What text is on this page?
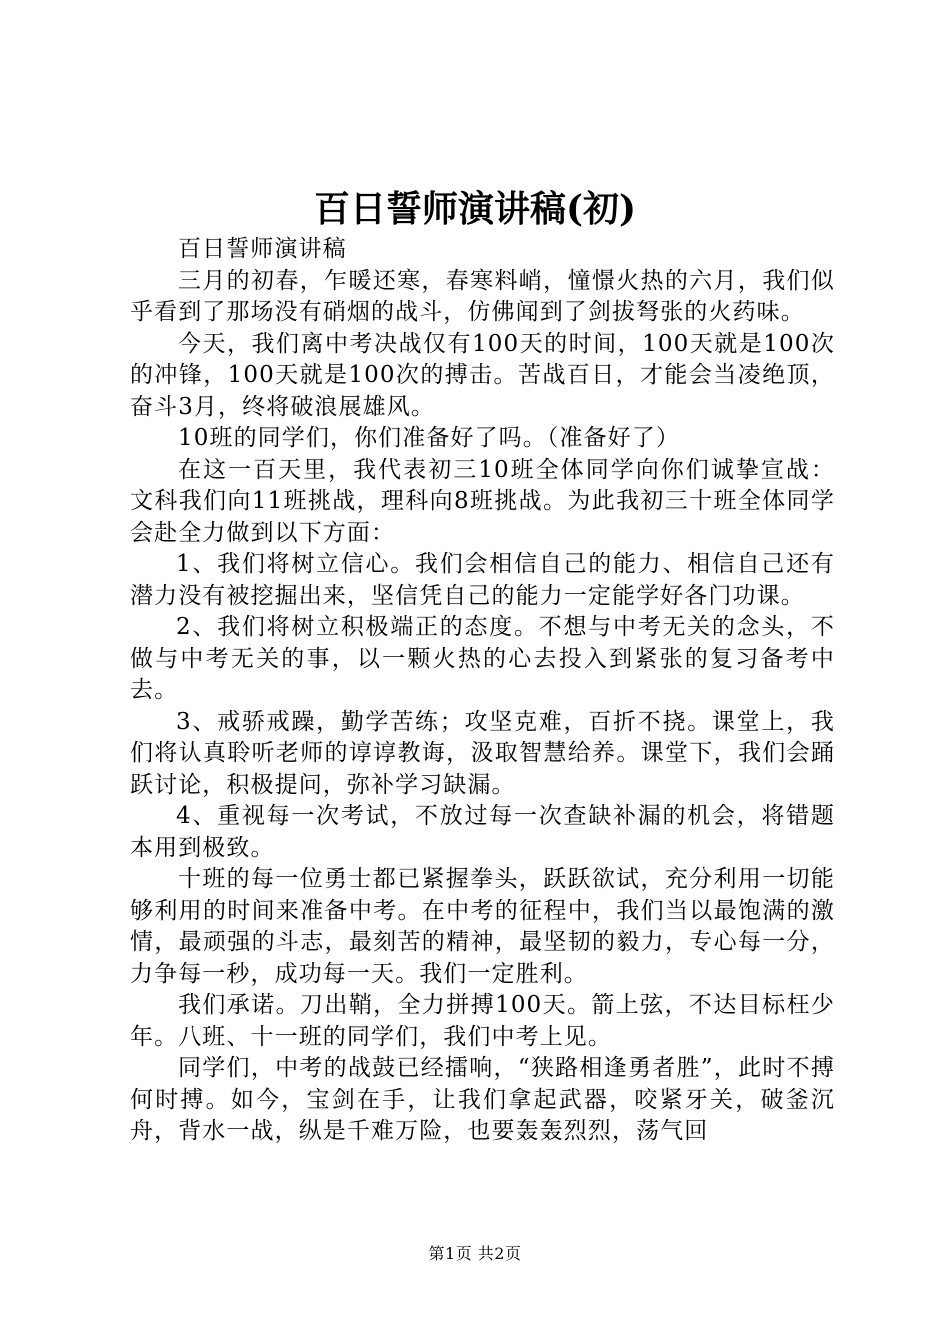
百日誓师演讲稿(初)

百日誓师演讲稿

三月的初春，乍暖还寒，春寒料峭，憧憬火热的六月，我们似乎看到了那场没有硝烟的战斗，仿佛闻到了剑拔弩张的火药味。

今天，我们离中考决战仅有100天的时间，100天就是100次的冲锋，100天就是100次的搏击。苦战百日，才能会当凌绝顶，奋斗3月，终将破浪展雄风。

10班的同学们，你们准备好了吗。（准备好了）

在这一百天里，我代表初三10班全体同学向你们诚挚宣战：文科我们向11班挑战，理科向8班挑战。为此我初三十班全体同学会赴全力做到以下方面：

1、我们将树立信心。我们会相信自己的能力、相信自己还有潜力没有被挖掘出来，坚信凭自己的能力一定能学好各门功课。

2、我们将树立积极端正的态度。不想与中考无关的念头，不做与中考无关的事，以一颗火热的心去投入到紧张的复习备考中去。

3、戒骄戒躁，勤学苦练；攻坚克难，百折不挠。课堂上，我们将认真聆听老师的谆谆教诲，汲取智慧给养。课堂下，我们会踊跃讨论，积极提问，弥补学习缺漏。

4、重视每一次考试，不放过每一次查缺补漏的机会，将错题本用到极致。

十班的每一位勇士都已紧握拳头，跃跃欲试，充分利用一切能够利用的时间来准备中考。在中考的征程中，我们当以最饱满的激情，最顽强的斗志，最刻苦的精神，最坚韧的毅力，专心每一分，力争每一秒，成功每一天。我们一定胜利。

我们承诺。刀出鞘，全力拼搏100天。箭上弦，不达目标枉少年。八班、十一班的同学们，我们中考上见。

同学们，中考的战鼓已经擂响，“狭路相逢勇者胜”，此时不搏何时搏。如今，宝剑在手，让我们拿起武器，咬紧牙关，破釜沉舟，背水一战，纵是千难万险，也要轰轰烈烈，荡气回

第1页 共2页
